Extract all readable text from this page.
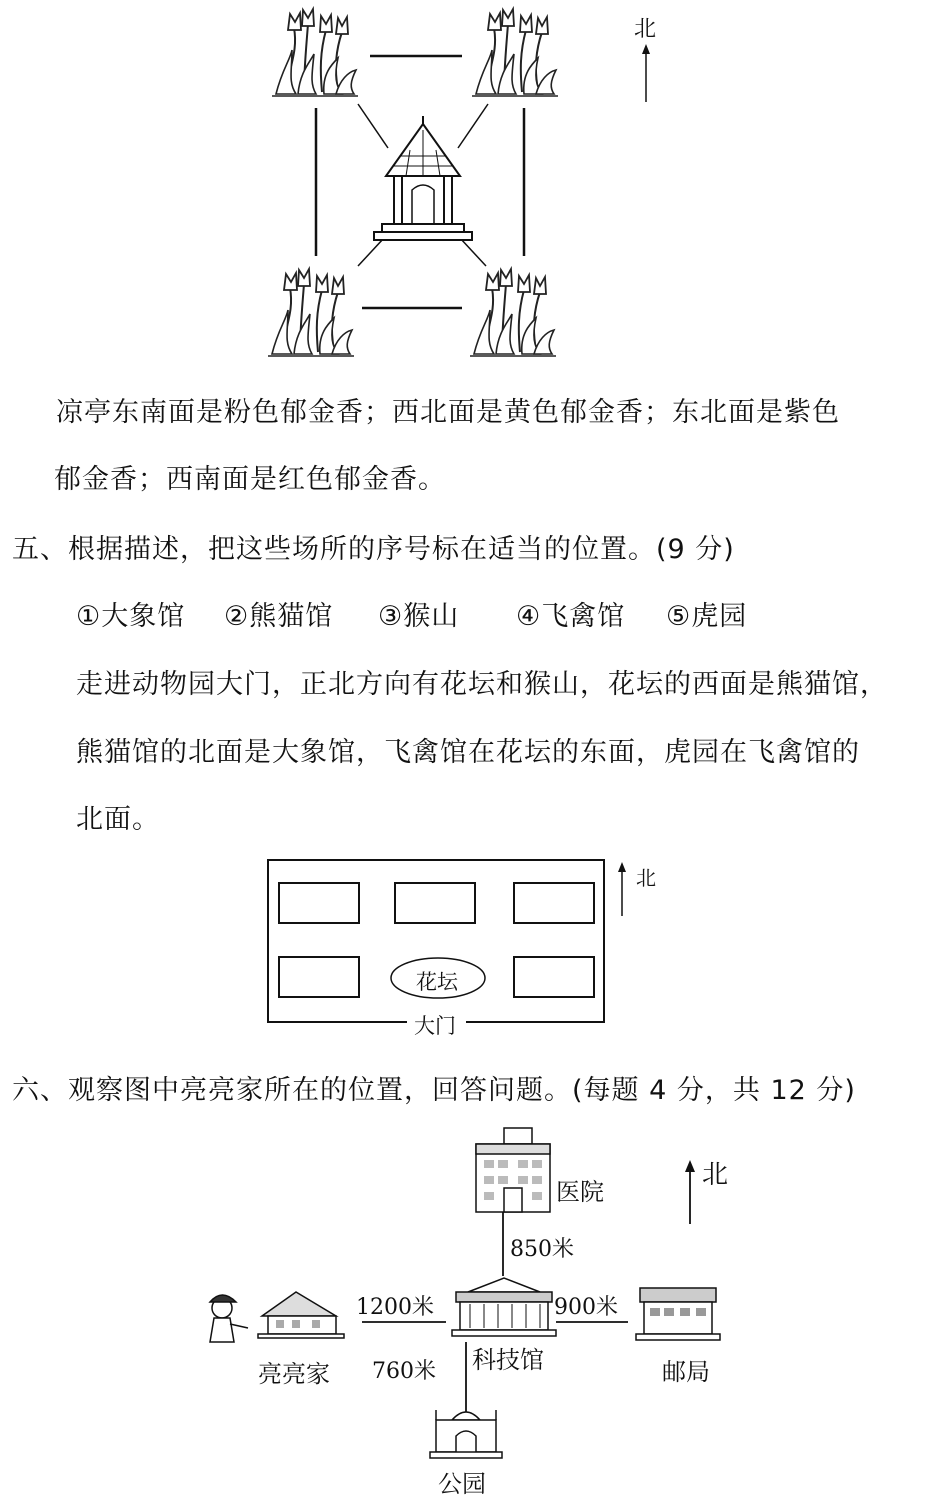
北
凉亭东南面是粉色郁金香；西北面是黄色郁金香；东北面是紫色
郁金香；西南面是红色郁金香。
五、根据描述，把这些场所的序号标在适当的位置。(9 分)
①大象馆 ②熊猫馆 ③猴山 ④飞禽馆 ⑤虎园
走进动物园大门，正北方向有花坛和猴山，花坛的西面是熊猫馆，
熊猫馆的北面是大象馆，飞禽馆在花坛的东面，虎园在飞禽馆的
北面。
花坛
大门
北
六、观察图中亮亮家所在的位置，回答问题。(每题 4 分，共 12 分)
医院
850米
1200米	900米
760米 科技馆	邮局
亮亮家
公园
北
